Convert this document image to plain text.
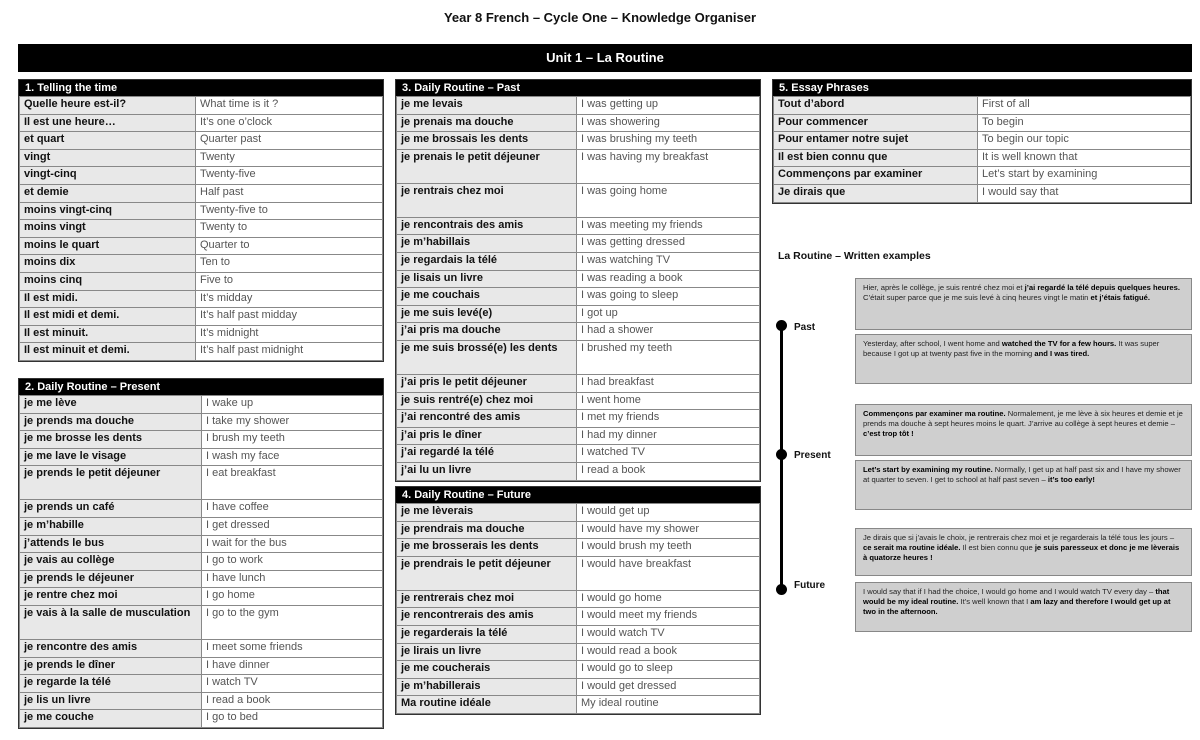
Year 8 French – Cycle One – Knowledge Organiser
Unit 1 – La Routine
1. Telling the time
Quelle heure est-il?	What time is it ?
Il est une heure…	It’s one o’clock
et quart	Quarter past
vingt	Twenty
vingt-cinq	Twenty-five
et demie	Half past
moins vingt-cinq	Twenty-five to
moins vingt	Twenty to
moins le quart	Quarter to
moins dix	Ten to
moins cinq	Five to
Il est midi.	It’s midday
Il est midi et demi.	It’s half past midday
Il est minuit.	It’s midnight
Il est minuit et demi.	It’s half past midnight
2. Daily Routine – Present
je me lève	I wake up
je prends ma douche	I take my shower
je me brosse les dents	I brush my teeth
je me lave le visage	I wash my face
je prends le petit déjeuner	I eat breakfast
je prends un café	I have coffee
je m’habille	I get dressed
j’attends le bus	I wait for the bus
je vais au collège	I go to work
je prends le déjeuner	I have lunch
je rentre chez moi	I go home
je vais à la salle de musculation	I go to the gym
je rencontre des amis	I meet some friends
je prends le dîner	I have dinner
je regarde la télé	I watch TV
je lis un livre	I read a book
je me couche	I go to bed
3. Daily Routine – Past
je me levais	I was getting up
je prenais ma douche	I was showering
je me brossais les dents	I was brushing my teeth
je prenais le petit déjeuner	I was having my breakfast
je rentrais chez moi	I was going home
je rencontrais des amis	I was meeting my friends
je m’habillais	I was getting dressed
je regardais la télé	I was watching TV
je lisais un livre	I was reading a book
je me couchais	I was going to sleep
je me suis levé(e)	I got up
j’ai pris ma douche	I had a shower
je me suis brossé(e) les dents	I brushed my teeth
j’ai pris le petit déjeuner	I had breakfast
je suis rentré(e) chez moi	I went home
j’ai rencontré des amis	I met my friends
j’ai pris le dîner	I had my dinner
j’ai regardé la télé	I watched TV
j’ai lu un livre	I read a book
4. Daily Routine – Future
je me lèverais	I would get up
je prendrais ma douche	I would have my shower
je me brosserais les dents	I would brush my teeth
je prendrais le petit déjeuner	I would have breakfast
je rentrerais chez moi	I would go home
je rencontrerais des amis	I would meet my friends
je regarderais la télé	I would watch TV
je lirais un livre	I would read a book
je me coucherais	I would go to sleep
je m’habillerais	I would get dressed
Ma routine idéale	My ideal routine
5. Essay Phrases
Tout d’abord	First of all
Pour commencer	To begin
Pour entamer notre sujet	To begin our topic
Il est bien connu que	It is well known that
Commençons par examiner	Let’s start by examining
Je dirais que	I would say that
La Routine – Written examples
Past
Present
Future
Hier, après le collège, je suis rentré chez moi et j’ai regardé la télé depuis quelques heures. C’était super parce que je me suis levé à cinq heures vingt le matin et j’étais fatigué.
Yesterday, after school, I went home and watched the TV for a few hours. It was super because I got up at twenty past five in the morning and I was tired.
Commençons par examiner ma routine. Normalement, je me lève à six heures et demie et je prends ma douche à sept heures moins le quart. J’arrive au collège à sept heures et demie – c’est trop tôt !
Let’s start by examining my routine. Normally, I get up at half past six and I have my shower at quarter to seven. I get to school at half past seven – it’s too early!
Je dirais que si j’avais le choix, je rentrerais chez moi et je regarderais la télé tous les jours – ce serait ma routine idéale. Il est bien connu que je suis paresseux et donc je me lèverais à quatorze heures !
I would say that if I had the choice, I would go home and I would watch TV every day – that would be my ideal routine. It’s well known that I am lazy and therefore I would get up at two in the afternoon.
